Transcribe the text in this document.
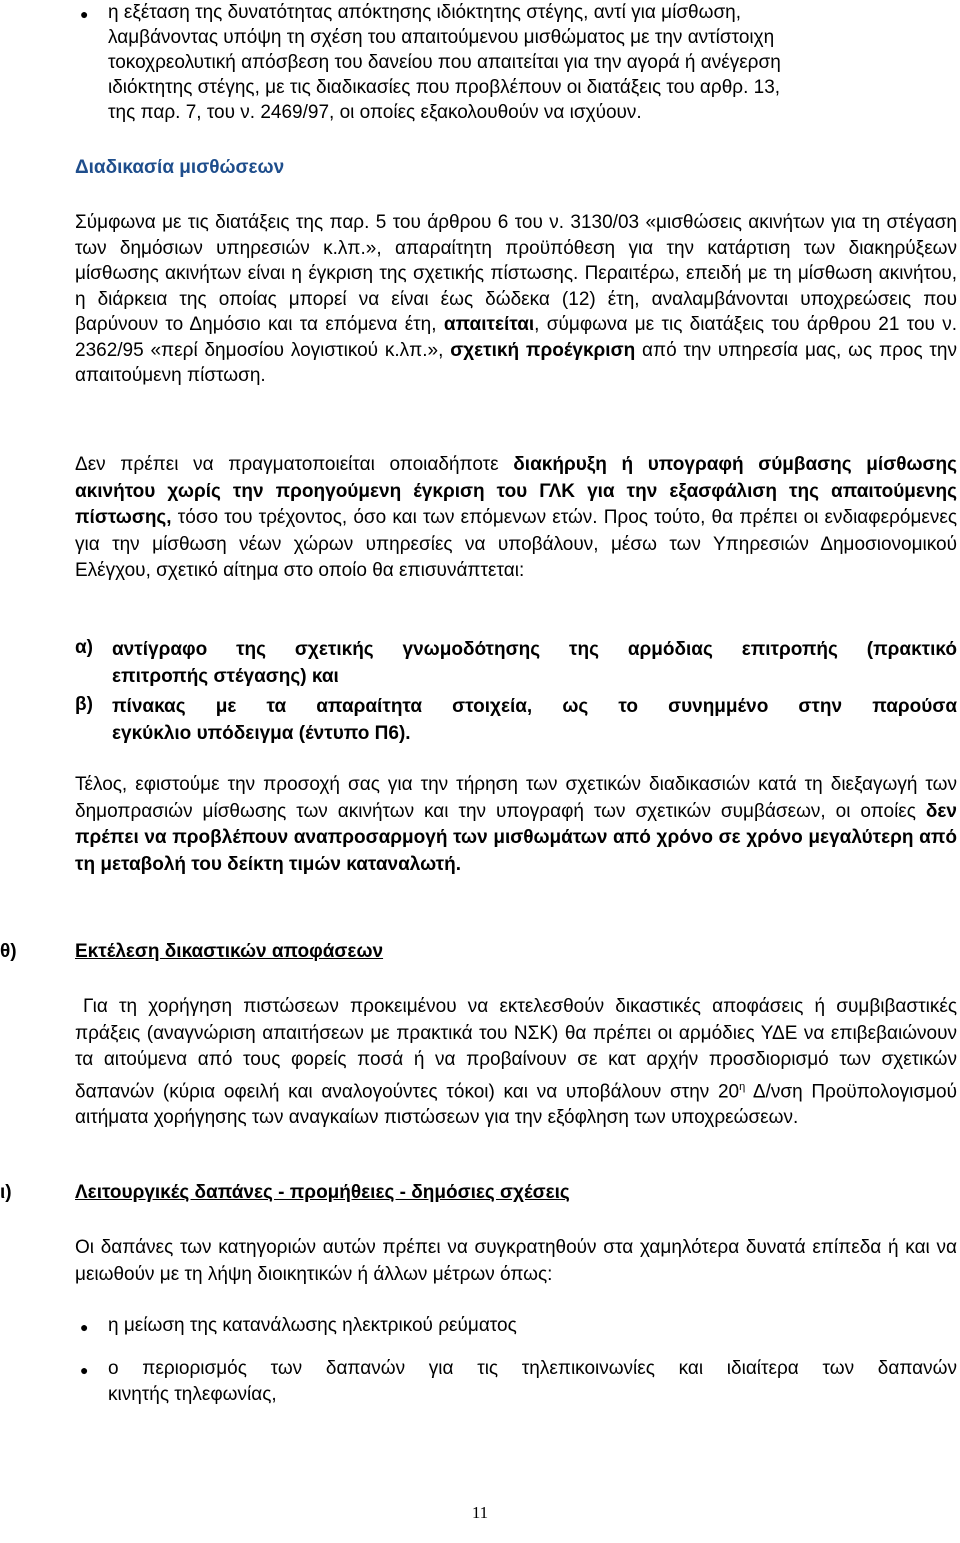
● η εξέταση της δυνατότητας απόκτησης ιδιόκτητης στέγης, αντί για μίσθωση,

λαμβάνοντας υπόψη τη σχέση του απαιτούμενου μισθώματος με την αντίστοιχη

τοκοχρεολυτική απόσβεση του δανείου που απαιτείται για την αγορά ή ανέγερση

ιδιόκτητης στέγης, με τις διαδικασίες που προβλέπουν οι διατάξεις του αρθρ. 13,

της παρ. 7, του ν. 2469/97, οι οποίες εξακολουθούν να ισχύουν.

Διαδικασία μισθώσεων

Σύμφωνα με τις διατάξεις της παρ. 5 του άρθρου 6 του ν. 3130/03 «μισθώσεις ακινήτων για τη στέγαση των δημόσιων υπηρεσιών κ.λπ.», απαραίτητη προϋπόθεση για την κατάρτιση των διακηρύξεων μίσθωσης ακινήτων είναι η έγκριση της σχετικής πίστωσης. Περαιτέρω, επειδή με τη μίσθωση ακινήτου, η διάρκεια της οποίας μπορεί να είναι έως δώδεκα (12) έτη, αναλαμβάνονται υποχρεώσεις που βαρύνουν το Δημόσιο και τα επόμενα έτη, απαιτείται, σύμφωνα με τις διατάξεις του άρθρου 21 του ν. 2362/95 «περί δημοσίου λογιστικού κ.λπ.», σχετική προέγκριση από την υπηρεσία μας, ως προς την απαιτούμενη πίστωση.

Δεν πρέπει να πραγματοποιείται οποιαδήποτε διακήρυξη ή υπογραφή σύμβασης μίσθωσης ακινήτου χωρίς την προηγούμενη έγκριση του ΓΛΚ για την εξασφάλιση της απαιτούμενης πίστωσης, τόσο του τρέχοντος, όσο και των επόμενων ετών. Προς τούτο, θα πρέπει οι ενδιαφερόμενες για την μίσθωση νέων χώρων υπηρεσίες να υποβάλουν, μέσω των Υπηρεσιών Δημοσιονομικού Ελέγχου, σχετικό αίτημα στο οποίο θα επισυνάπτεται:

α) αντίγραφο της σχετικής γνωμοδότησης της αρμόδιας επιτροπής (πρακτικό

επιτροπής στέγασης) και

β) πίνακας με τα απαραίτητα στοιχεία, ως το συνημμένο στην παρούσα

εγκύκλιο υπόδειγμα (έντυπο Π6).

Τέλος, εφιστούμε την προσοχή σας για την τήρηση των σχετικών διαδικασιών κατά τη διεξαγωγή των δημοπρασιών μίσθωσης των ακινήτων και την υπογραφή των σχετικών συμβάσεων, οι οποίες δεν πρέπει να προβλέπουν αναπροσαρμογή των μισθωμάτων από χρόνο σε χρόνο μεγαλύτερη από τη μεταβολή του δείκτη τιμών καταναλωτή.

θ)	Εκτέλεση δικαστικών αποφάσεων

Για τη χορήγηση πιστώσεων προκειμένου να εκτελεσθούν δικαστικές αποφάσεις ή συμβιβαστικές πράξεις (αναγνώριση απαιτήσεων με πρακτικά του ΝΣΚ) θα πρέπει οι αρμόδιες ΥΔΕ να επιβεβαιώνουν τα αιτούμενα από τους φορείς ποσά ή να προβαίνουν σε κατ αρχήν προσδιορισμό των σχετικών δαπανών (κύρια οφειλή και αναλογούντες τόκοι) και να υποβάλουν στην $20^\eta$ Δ/νση Προϋπολογισμού αιτήματα χορήγησης των αναγκαίων πιστώσεων για την εξόφληση των υποχρεώσεων.

ι)	Λειτουργικές δαπάνες - προμήθειες - δημόσιες σχέσεις

Οι δαπάνες των κατηγοριών αυτών πρέπει να συγκρατηθούν στα χαμηλότερα δυνατά επίπεδα ή και να μειωθούν με τη λήψη διοικητικών ή άλλων μέτρων όπως:

● η μείωση της κατανάλωσης ηλεκτρικού ρεύματος

● ο περιορισμός των δαπανών για τις τηλεπικοινωνίες και ιδιαίτερα των δαπανών

κινητής τηλεφωνίας,

11
